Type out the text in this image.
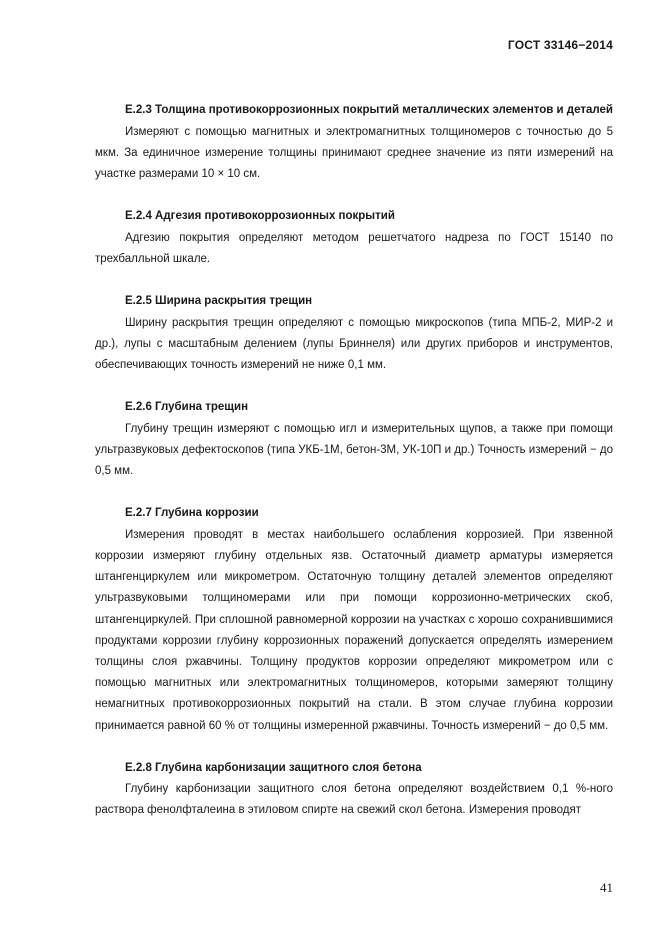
ГОСТ 33146−2014

Е.2.3 Толщина противокоррозионных покрытий металлических элементов и деталей

Измеряют с помощью магнитных и электромагнитных толщиномеров с точностью до 5 мкм. За единичное измерение толщины принимают среднее значение из пяти измерений на участке размерами 10 × 10 см.

Е.2.4 Адгезия противокоррозионных покрытий

Адгезию покрытия определяют методом решетчатого надреза по ГОСТ 15140 по трехбалльной шкале.

Е.2.5 Ширина раскрытия трещин

Ширину раскрытия трещин определяют с помощью микроскопов (типа МПБ-2, МИР-2 и др.), лупы с масштабным делением (лупы Бриннеля) или других приборов и инструментов, обеспечивающих точность измерений не ниже 0,1 мм.

Е.2.6 Глубина трещин

Глубину трещин измеряют с помощью игл и измерительных щупов, а также при помощи ультразвуковых дефектоскопов (типа УКБ-1М, бетон-3М, УК-10П и др.) Точность измерений − до 0,5 мм.

Е.2.7 Глубина коррозии

Измерения проводят в местах наибольшего ослабления коррозией. При язвенной коррозии измеряют глубину отдельных язв. Остаточный диаметр арматуры измеряется штангенциркулем или микрометром. Остаточную толщину деталей элементов определяют ультразвуковыми толщиномерами или при помощи коррозионно-метрических скоб, штангенциркулей. При сплошной равномерной коррозии на участках с хорошо сохранившимися продуктами коррозии глубину коррозионных поражений допускается определять измерением толщины слоя ржавчины. Толщину продуктов коррозии определяют микрометром или с помощью магнитных или электромагнитных толщиномеров, которыми замеряют толщину немагнитных противокоррозионных покрытий на стали. В этом случае глубина коррозии принимается равной 60 % от толщины измеренной ржавчины. Точность измерений − до 0,5 мм.

Е.2.8 Глубина карбонизации защитного слоя бетона

Глубину карбонизации защитного слоя бетона определяют воздействием 0,1 %-ного раствора фенолфталеина в этиловом спирте на свежий скол бетона. Измерения проводят

41
